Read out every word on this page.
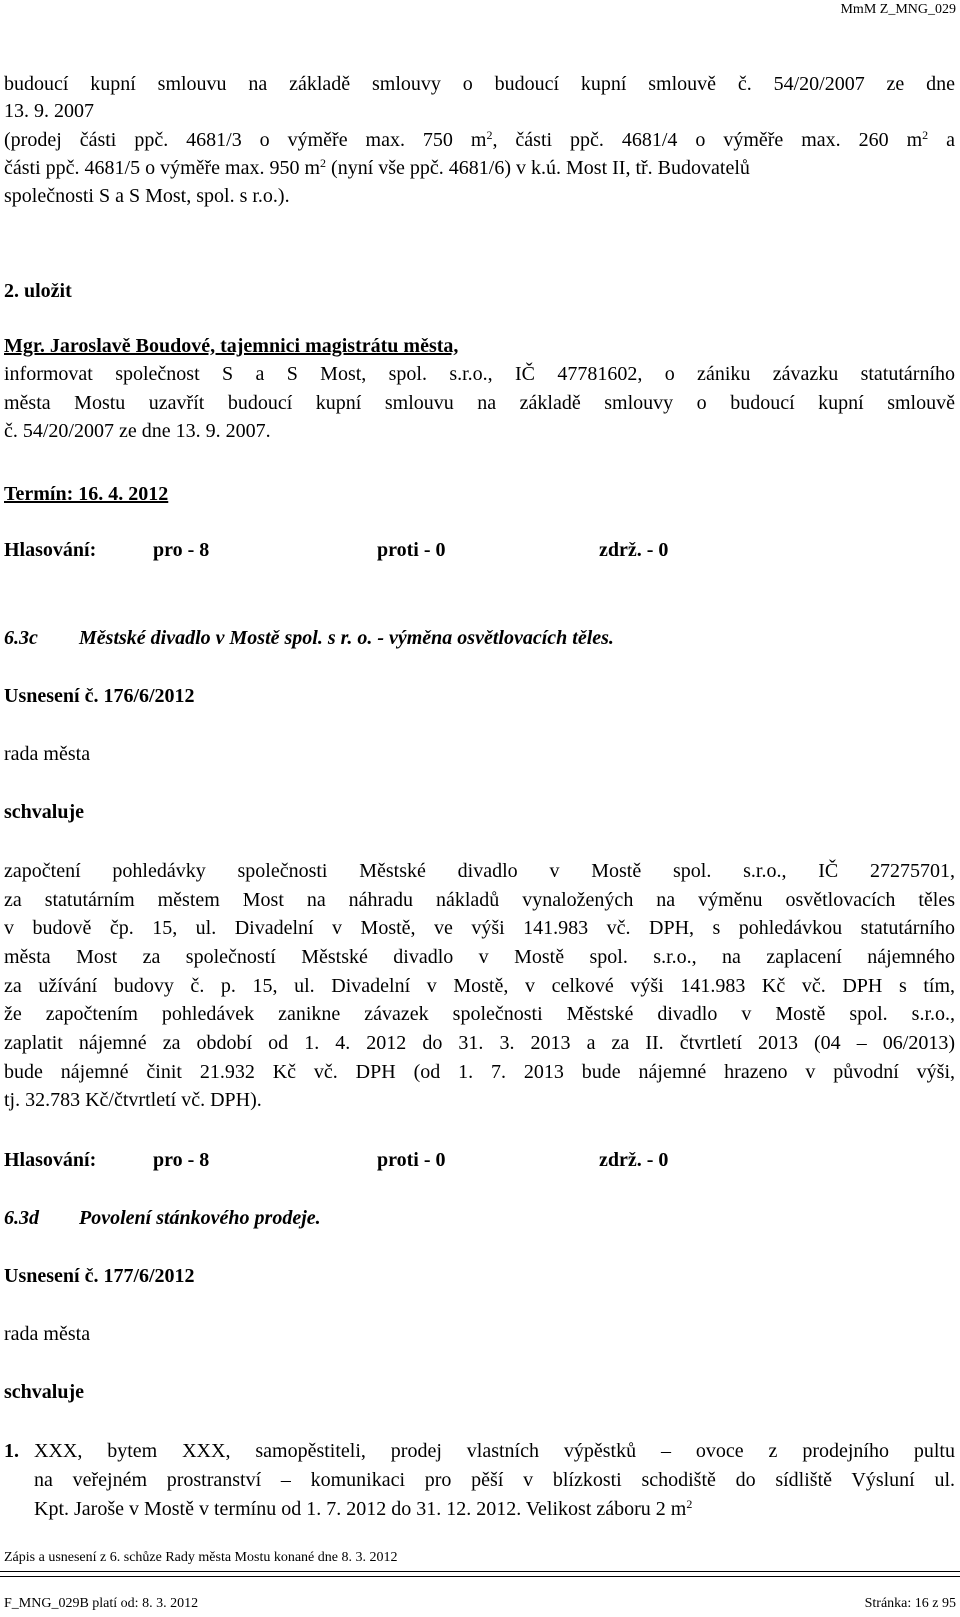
MmM Z_MNG_029
budoucí kupní smlouvu na základě smlouvy o budoucí kupní smlouvě č. 54/20/2007 ze dne
13. 9. 2007
(prodej části ppč. 4681/3 o výměře max. 750 $m^2$, části ppč. 4681/4 o výměře max. 260 $m^2$ a
části ppč. 4681/5 o výměře max. 950 $m^2$ (nyní vše ppč. 4681/6) v k.ú. Most II, tř. Budovatelů
společnosti S a S Most, spol. s r.o.).
2. uložit
Mgr. Jaroslavě Boudové, tajemnici magistrátu města,
informovat společnost S a S Most, spol. s.r.o., IČ 47781602, o zániku závazku statutárního
města Mostu uzavřít budoucí kupní smlouvu na základě smlouvy o budoucí kupní smlouvě
č. 54/20/2007 ze dne 13. 9. 2007.
Termín: 16. 4. 2012
Hlasování:	pro - 8	proti - 0	zdrž. - 0
6.3c Městské divadlo v Mostě spol. s r. o. - výměna osvětlovacích těles.
Usnesení č. 176/6/2012
rada města
schvaluje
započtení pohledávky společnosti Městské divadlo v Mostě spol. s.r.o., IČ 27275701,
za statutárním městem Most na náhradu nákladů vynaložených na výměnu osvětlovacích těles
v budově čp. 15, ul. Divadelní v Mostě, ve výši 141.983 vč. DPH, s pohledávkou statutárního
města Most za společností Městské divadlo v Mostě spol. s.r.o., na zaplacení nájemného
za užívání budovy č. p. 15, ul. Divadelní v Mostě, v celkové výši 141.983 Kč vč. DPH s tím,
že započtením pohledávek zanikne závazek společnosti Městské divadlo v Mostě spol. s.r.o.,
zaplatit nájemné za období od 1. 4. 2012 do 31. 3. 2013 a za II. čtvrtletí 2013 (04 – 06/2013)
bude nájemné činit 21.932 Kč vč. DPH (od 1. 7. 2013 bude nájemné hrazeno v původní výši,
tj. 32.783 Kč/čtvrtletí vč. DPH).
Hlasování:	pro - 8	proti - 0	zdrž. - 0
6.3d Povolení stánkového prodeje.
Usnesení č. 177/6/2012
rada města
schvaluje
1. XXX, bytem XXX, samopěstitelі, prodej vlastních výpěstků – ovoce z prodejního pultu
na veřejném prostranství – komunikaci pro pěší v blízkosti schodiště do sídliště Výsluní ul.
Kpt. Jaroše v Mostě v termínu od 1. 7. 2012 do 31. 12. 2012. Velikost záboru 2 $m^2$
Zápis a usnesení z 6. schůze Rady města Mostu konané dne 8. 3. 2012
F_MNG_029B platí od: 8. 3. 2012	Stránka: 16 z 95
